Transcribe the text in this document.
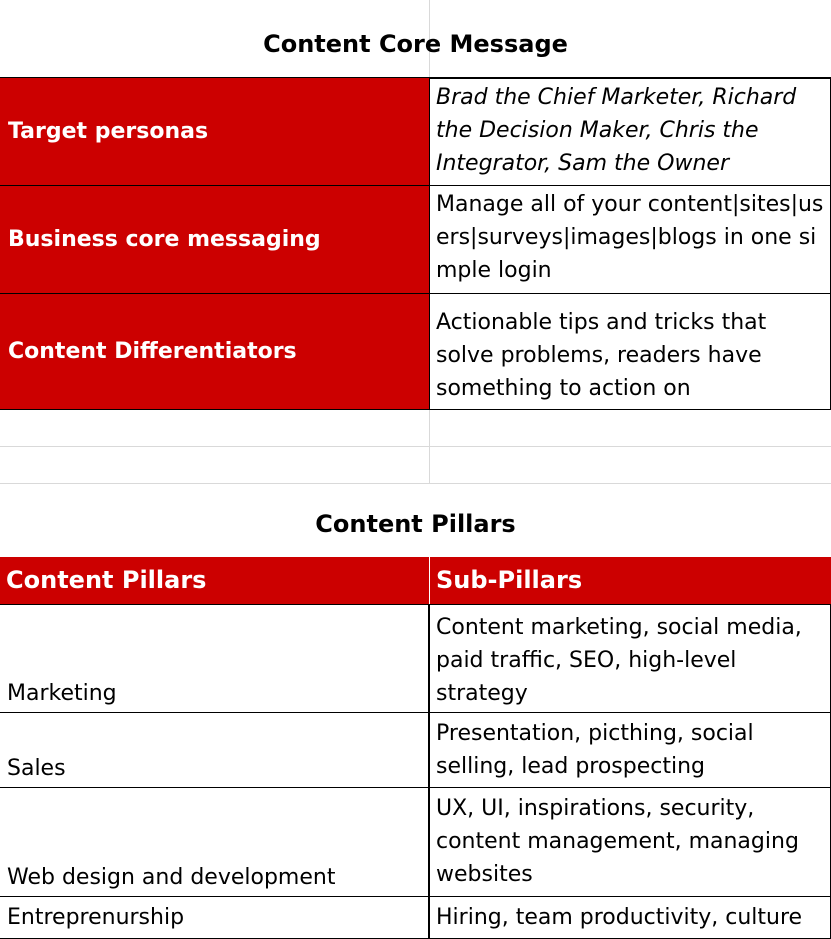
Content Core Message
Target personas
Brad the Chief Marketer, Richard the Decision Maker, Chris the Integrator, Sam the Owner
Business core messaging
Manage all of your content|sites|users|surveys|images|blogs in one simple login
Content Differentiators
Actionable tips and tricks that solve problems, readers have something to action on
Content Pillars
Content Pillars	Sub-Pillars
Marketing
Content marketing, social media, paid traffic, SEO, high-level strategy
Sales
Presentation, picthing, social selling, lead prospecting
Web design and development
UX, UI, inspirations, security, content management, managing websites
Entreprenurship	Hiring, team productivity, culture
